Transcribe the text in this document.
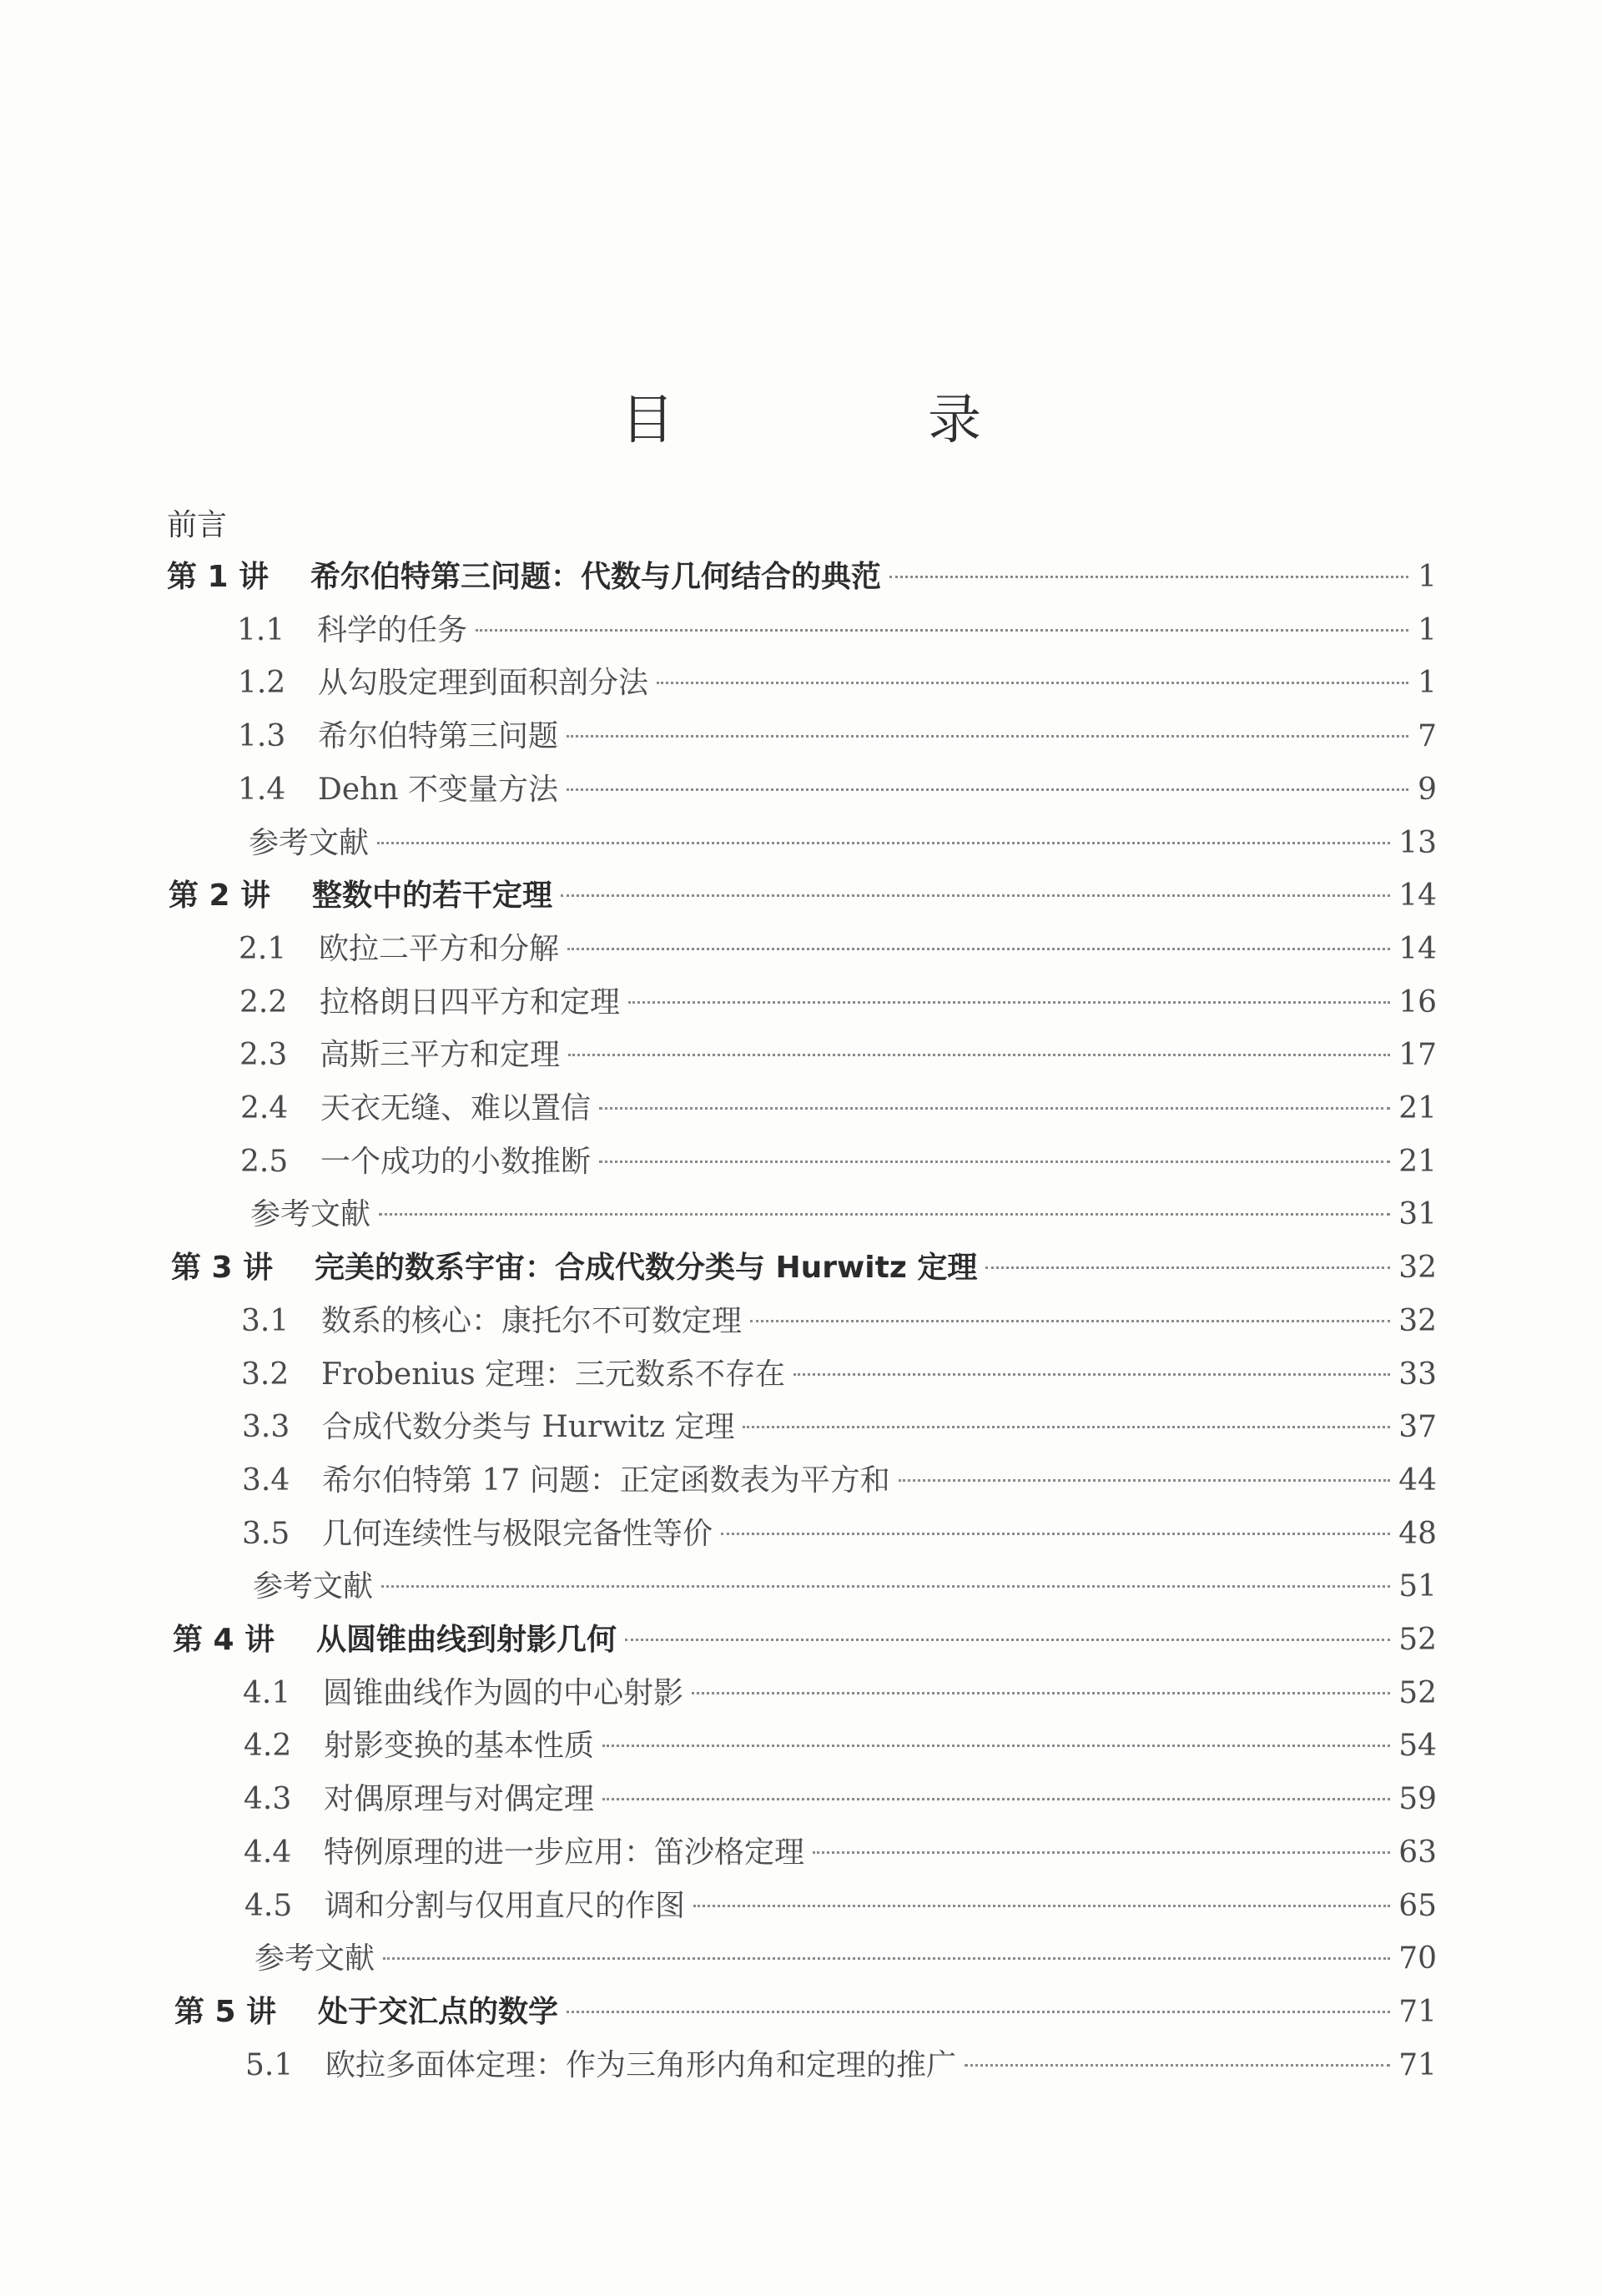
目　录
前言
第 1 讲	希尔伯特第三问题：代数与几何结合的典范	1
1.1	科学的任务	1
1.2	从勾股定理到面积剖分法	1
1.3	希尔伯特第三问题	7
1.4	Dehn 不变量方法	9
参考文献	13
第 2 讲	整数中的若干定理	14
2.1	欧拉二平方和分解	14
2.2	拉格朗日四平方和定理	16
2.3	高斯三平方和定理	17
2.4	天衣无缝、难以置信	21
2.5	一个成功的小数推断	21
参考文献	31
第 3 讲	完美的数系宇宙：合成代数分类与 Hurwitz 定理	32
3.1	数系的核心：康托尔不可数定理	32
3.2	Frobenius 定理：三元数系不存在	33
3.3	合成代数分类与 Hurwitz 定理	37
3.4	希尔伯特第 17 问题：正定函数表为平方和	44
3.5	几何连续性与极限完备性等价	48
参考文献	51
第 4 讲	从圆锥曲线到射影几何	52
4.1	圆锥曲线作为圆的中心射影	52
4.2	射影变换的基本性质	54
4.3	对偶原理与对偶定理	59
4.4	特例原理的进一步应用：笛沙格定理	63
4.5	调和分割与仅用直尺的作图	65
参考文献	70
第 5 讲	处于交汇点的数学	71
5.1	欧拉多面体定理：作为三角形内角和定理的推广	71
